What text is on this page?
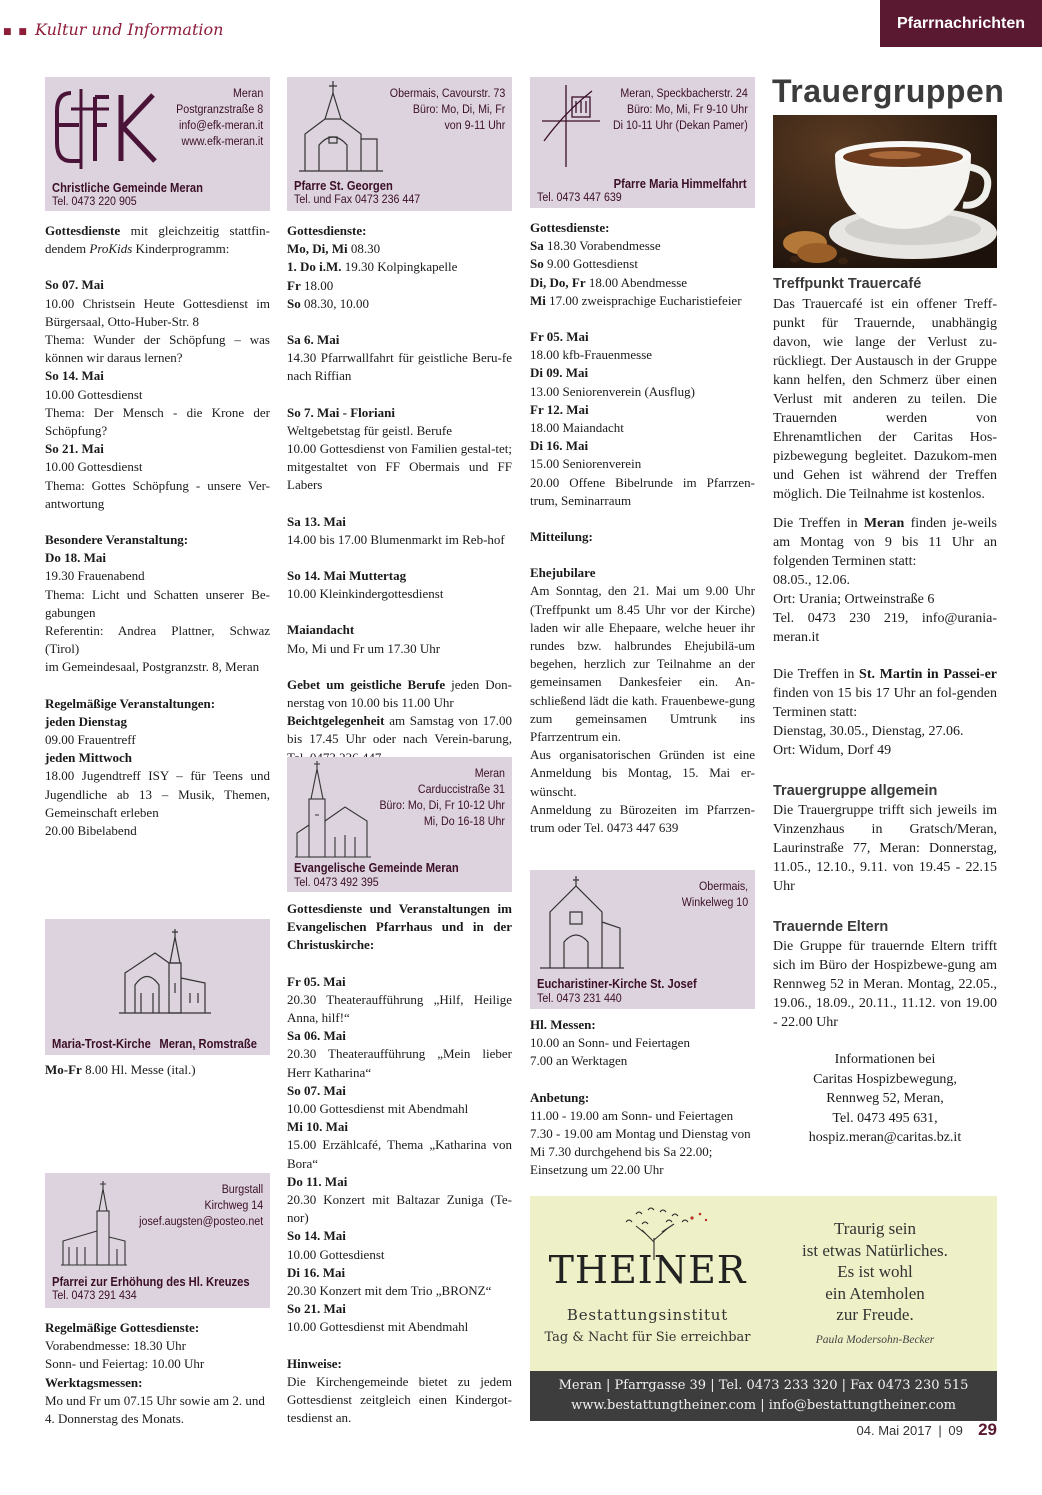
■ ■ Kultur und Information	Pfarrnachrichten
Meran
Postgranzstraße 8
info@efk-meran.it
www.efk-meran.it
Christliche Gemeinde Meran
Tel. 0473 220 905

Gottesdienste mit gleichzeitig stattfin-dendem ProKids Kinderprogramm:

So 07. Mai

10.00 Christsein Heute Gottesdienst im Bürgersaal, Otto-Huber-Str. 8

Thema: Wunder der Schöpfung – was können wir daraus lernen?

So 14. Mai

10.00 Gottesdienst

Thema: Der Mensch - die Krone der Schöpfung?

So 21. Mai

10.00 Gottesdienst

Thema: Gottes Schöpfung - unsere Ver-antwortung

Besondere Veranstaltung:

Do 18. Mai

19.30 Frauenabend

Thema: Licht und Schatten unserer Be-gabungen

Referentin: Andrea Plattner, Schwaz (Tirol)

im Gemeindesaal, Postgranzstr. 8, Meran

Regelmäßige Veranstaltungen:

jeden Dienstag

09.00 Frauentreff

jeden Mittwoch

18.00 Jugendtreff ISY – für Teens und Jugendliche ab 13 – Musik, Themen, Gemeinschaft erleben

20.00 Bibelabend

Maria-Trost-Kirche Meran, Romstraße

Mo-Fr 8.00 Hl. Messe (ital.)

Burgstall
Kirchweg 14
josef.augsten@posteo.net
Pfarrei zur Erhöhung des Hl. Kreuzes
Tel. 0473 291 434

Regelmäßige Gottesdienste:

Vorabendmesse: 18.30 Uhr

Sonn- und Feiertag: 10.00 Uhr

Werktagsmessen:

Mo und Fr um 07.15 Uhr sowie am 2. und 4. Donnerstag des Monats.

Obermais, Cavourstr. 73
Büro: Mo, Di, Mi, Fr
von 9-11 Uhr
Pfarre St. Georgen
Tel. und Fax 0473 236 447

Gottesdienste:

Mo, Di, Mi 08.30

1. Do i.M. 19.30 Kolpingkapelle

Fr 18.00

So 08.30, 10.00

Sa 6. Mai

14.30 Pfarrwallfahrt für geistliche Beru-fe nach Riffian

So 7. Mai - Floriani

Weltgebetstag für geistl. Berufe

10.00 Gottesdienst von Familien gestal-tet; mitgestaltet von FF Obermais und FF Labers

Sa 13. Mai

14.00 bis 17.00 Blumenmarkt im Reb-hof

So 14. Mai Muttertag

10.00 Kleinkindergottesdienst

Maiandacht

Mo, Mi und Fr um 17.30 Uhr

Gebet um geistliche Berufe jeden Don-nerstag von 10.00 bis 11.00 Uhr

Beichtgelegenheit am Samstag von 17.00 bis 17.45 Uhr oder nach Verein-barung,

Meran
Carduccistraße 31
Büro: Mo, Di, Fr 10-12 Uhr
Mi, Do 16-18 Uhr
Evangelische Gemeinde Meran
Tel. 0473 492 395

Gottesdienste und Veranstaltungen im Evangelischen Pfarrhaus und in der Christuskirche:

Fr 05. Mai

20.30 Theateraufführung „Hilf, Heilige Anna, hilf!“

Sa 06. Mai

20.30 Theateraufführung „Mein lieber Herr Katharina“

So 07. Mai

10.00 Gottesdienst mit Abendmahl

Mi 10. Mai

15.00 Erzählcafé, Thema „Katharina von Bora“

Do 11. Mai

20.30 Konzert mit Baltazar Zuniga (Te-nor)

So 14. Mai

10.00 Gottesdienst

Di 16. Mai

20.30 Konzert mit dem Trio „BRONZ“

So 21. Mai

10.00 Gottesdienst mit Abendmahl

Hinweise:

Die Kirchengemeinde bietet zu jedem Gottesdienst zeitgleich einen Kindergot-tesdienst an.

Meran, Speckbacherstr. 24
Büro: Mo, Mi, Fr 9-10 Uhr
Di 10-11 Uhr (Dekan Pamer)
Pfarre Maria Himmelfahrt
Tel. 0473 447 639

Gottesdienste:

Sa 18.30 Vorabendmesse

So 9.00 Gottesdienst

Di, Do, Fr 18.00 Abendmesse

Mi 17.00 zweisprachige Eucharistiefeier

Fr 05. Mai

18.00 kfb-Frauenmesse

Di 09. Mai

13.00 Seniorenverein (Ausflug)

Fr 12. Mai

18.00 Maiandacht

Di 16. Mai

15.00 Seniorenverein

20.00 Offene Bibelrunde im Pfarrzen-trum, Seminarraum

Mitteilung:

Ehejubilare

Am Sonntag, den 21. Mai um 9.00 Uhr (Treffpunkt um 8.45 Uhr vor der Kirche) laden wir alle Ehepaare, welche heuer ihr rundes bzw. halbrundes Ehejubilä-um begehen, herzlich zur Teilnahme an der gemeinsamen Dankesfeier ein. An-schließend lädt die kath. Frauenbewe-gung zum gemeinsamen Umtrunk ins Pfarrzentrum ein.

Aus organisatorischen Gründen ist eine Anmeldung bis Montag, 15. Mai er-wünscht.

Anmeldung zu Bürozeiten im Pfarrzen-trum oder Tel. 0473 447 639

Obermais,
Winkelweg 10
Eucharistiner-Kirche St. Josef
Tel. 0473 231 440

Hl. Messen:

10.00 an Sonn- und Feiertagen

7.00 an Werktagen

Anbetung:

11.00 - 19.00 am Sonn- und Feiertagen

7.30 - 19.00 am Montag und Dienstag von Mi 7.30 durchgehend bis Sa 22.00; Einsetzung um 22.00 Uhr

Trauergruppen
Treffpunkt Trauercafé

Das Trauercafé ist ein offener Treff-punkt für Trauernde, unabhängig davon, wie lange der Verlust zu-rückliegt. Der Austausch in der Gruppe kann helfen, den Schmerz über einen Verlust mit anderen zu teilen. Die Trauernden werden von Ehrenamtlichen der Caritas Hos-pizbewegung begleitet. Dazukom-men und Gehen ist während der Treffen möglich. Die Teilnahme ist kostenlos.

Die Treffen in Meran finden je-weils am Montag von 9 bis 11 Uhr an folgenden Terminen statt:

08.05., 12.06.

Ort: Urania; Ortweinstraße 6

Tel. 0473 230 219, info@urania-meran.it

Die Treffen in St. Martin in Passei-er finden von 15 bis 17 Uhr an fol-genden Terminen statt:

Dienstag, 30.05., Dienstag, 27.06.

Ort: Widum, Dorf 49

Trauergruppe allgemein

Die Trauergruppe trifft sich jeweils im Vinzenzhaus in Gratsch/Meran, Laurinstraße 77, Meran: Donnerstag, 11.05., 12.10., 9.11. von 19.45 - 22.15 Uhr

Trauernde Eltern

Die Gruppe für trauernde Eltern trifft sich im Büro der Hospizbewe-gung am Rennweg 52 in Meran. Montag, 22.05., 19.06., 18.09., 20.11., 11.12. von 19.00 - 22.00 Uhr

Informationen bei
Caritas Hospizbewegung,
Rennweg 52, Meran,
Tel. 0473 495 631,
hospiz.meran@caritas.bz.it

THEINER
Bestattungsinstitut
Tag & Nacht für Sie erreichbar
Traurig sein
ist etwas Natürliches.
Es ist wohl
ein Atemholen
zur Freude.
Paula Modersohn-Becker
Meran | Pfarrgasse 39 | Tel. 0473 233 320 | Fax 0473 230 515
www.bestattungtheiner.com | info@bestattungtheiner.com
04. Mai 2017 | 09 29
